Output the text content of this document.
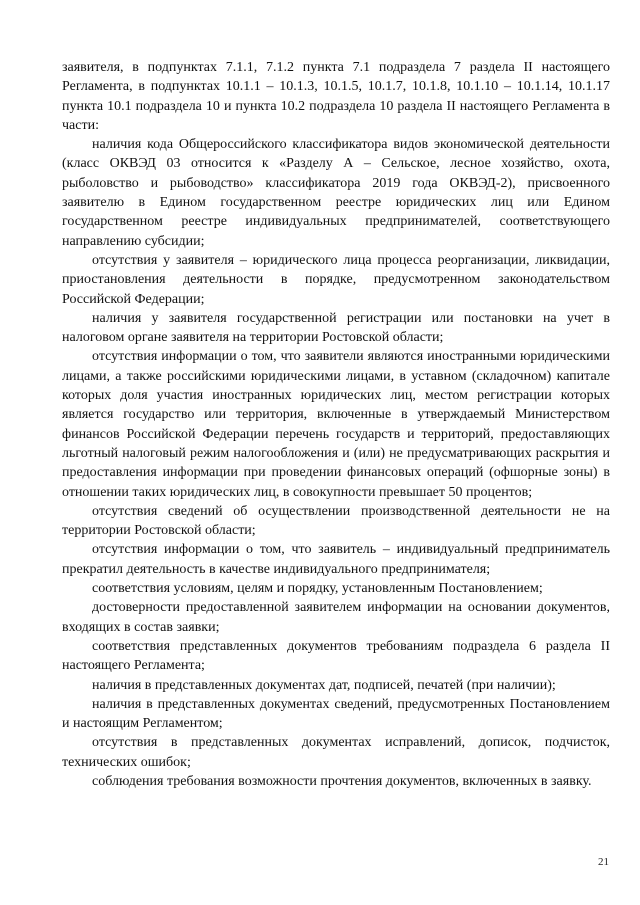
заявителя, в подпунктах 7.1.1, 7.1.2 пункта 7.1 подраздела 7 раздела II настоящего Регламента, в подпунктах 10.1.1 – 10.1.3, 10.1.5, 10.1.7, 10.1.8, 10.1.10 – 10.1.14, 10.1.17 пункта 10.1 подраздела 10 и пункта 10.2 подраздела 10 раздела II настоящего Регламента в части:

наличия кода Общероссийского классификатора видов экономической деятельности (класс ОКВЭД 03 относится к «Разделу А – Сельское, лесное хозяйство, охота, рыболовство и рыбоводство» классификатора 2019 года ОКВЭД-2), присвоенного заявителю в Едином государственном реестре юридических лиц или Едином государственном реестре индивидуальных предпринимателей, соответствующего направлению субсидии;

отсутствия у заявителя – юридического лица процесса реорганизации, ликвидации, приостановления деятельности в порядке, предусмотренном законодательством Российской Федерации;

наличия у заявителя государственной регистрации или постановки на учет в налоговом органе заявителя на территории Ростовской области;

отсутствия информации о том, что заявители являются иностранными юридическими лицами, а также российскими юридическими лицами, в уставном (складочном) капитале которых доля участия иностранных юридических лиц, местом регистрации которых является государство или территория, включенные в утверждаемый Министерством финансов Российской Федерации перечень государств и территорий, предоставляющих льготный налоговый режим налогообложения и (или) не предусматривающих раскрытия и предоставления информации при проведении финансовых операций (офшорные зоны) в отношении таких юридических лиц, в совокупности превышает 50 процентов;

отсутствия сведений об осуществлении производственной деятельности не на территории Ростовской области;

отсутствия информации о том, что заявитель – индивидуальный предприниматель прекратил деятельность в качестве индивидуального предпринимателя;

соответствия условиям, целям и порядку, установленным Постановлением;

достоверности предоставленной заявителем информации на основании документов, входящих в состав заявки;

соответствия представленных документов требованиям подраздела 6 раздела II настоящего Регламента;

наличия в представленных документах дат, подписей, печатей (при наличии);

наличия в представленных документах сведений, предусмотренных Постановлением и настоящим Регламентом;

отсутствия в представленных документах исправлений, дописок, подчисток, технических ошибок;

соблюдения требования возможности прочтения документов, включенных в заявку.

21
